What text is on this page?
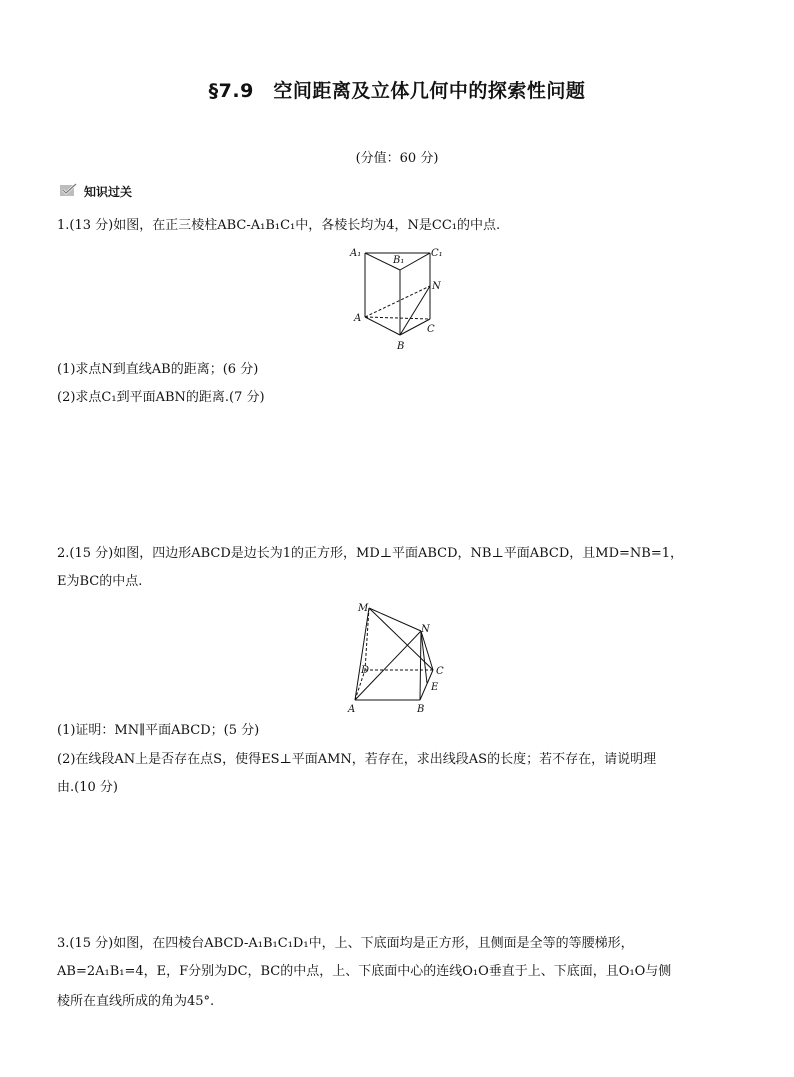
§7.9　空间距离及立体几何中的探索性问题
(分值：60 分)
知识过关
1.(13 分)如图，在正三棱柱ABC-A₁B₁C₁中，各棱长均为4，N是CC₁的中点.
A₁
B₁
C₁
N
A
C
B
(1)求点N到直线AB的距离；(6 分)
(2)求点C₁到平面ABN的距离.(7 分)
2.(15 分)如图，四边形ABCD是边长为1的正方形，MD⊥平面ABCD，NB⊥平面ABCD，且MD=NB=1，
E为BC的中点.
M
N
D	C
E
A	B
(1)证明：MN∥平面ABCD；(5 分)
(2)在线段AN上是否存在点S，使得ES⊥平面AMN，若存在，求出线段AS的长度；若不存在，请说明理
由.(10 分)
3.(15 分)如图，在四棱台ABCD-A₁B₁C₁D₁中，上、下底面均是正方形，且侧面是全等的等腰梯形，
AB=2A₁B₁=4，E，F分别为DC，BC的中点，上、下底面中心的连线O₁O垂直于上、下底面，且O₁O与侧
棱所在直线所成的角为45°.
